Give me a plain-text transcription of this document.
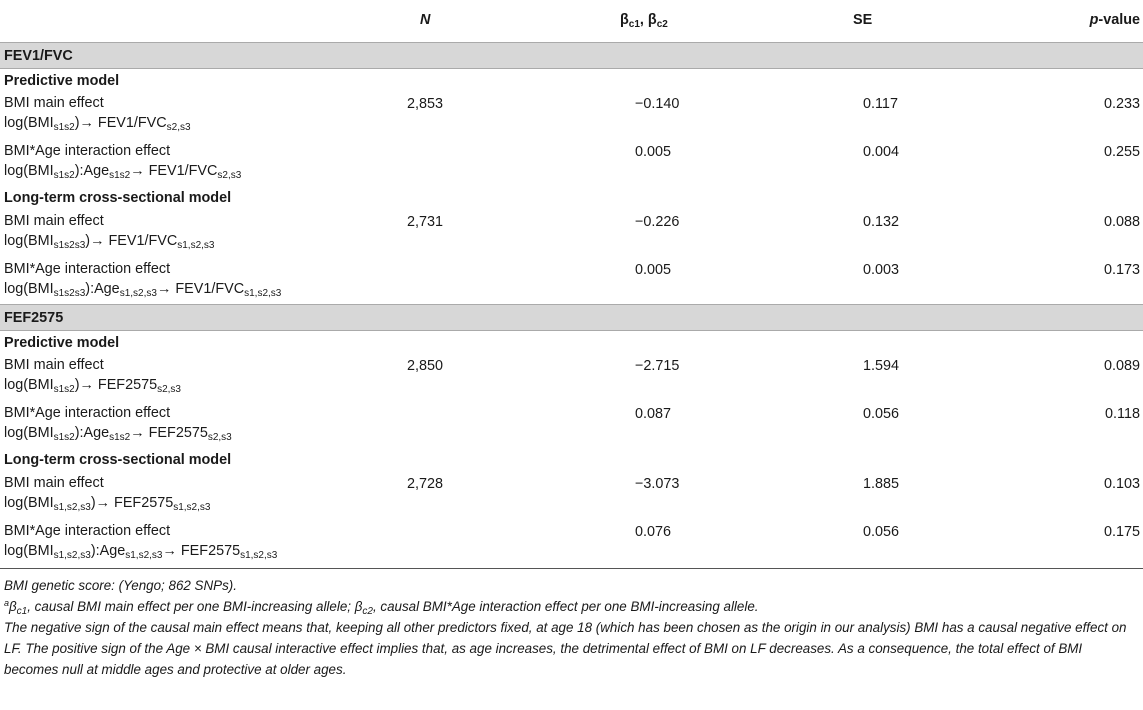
	N	$\beta_{c1}$, $\beta_{c2}$	SE	p-value
FEV1/FVC				
Predictive model				

BMI main effect
$\log(BMI_{s1s2})\to FEV1/FVC_{s2,s3}$	2,853	−0.140	0.117	0.233

BMI*Age interaction effect
$\log(BMI_{s1s2}):Age_{s1s2}\to FEV1/FVC_{s2,s3}$		0.005	0.004	0.255
Long-term cross-sectional model				

BMI main effect
$\log(BMI_{s1s2s3})\to FEV1/FVC_{s1,s2,s3}$	2,731	−0.226	0.132	0.088

BMI*Age interaction effect
$\log(BMI_{s1s2s3}):Age_{s1,s2,s3}\to FEV1/FVC_{s1,s2,s3}$		0.005	0.003	0.173
FEF2575				
Predictive model				

BMI main effect
$\log(BMI_{s1s2})\to FEF2575_{s2,s3}$	2,850	−2.715	1.594	0.089

BMI*Age interaction effect
$\log(BMI_{s1s2}):Age_{s1s2}\to FEF2575_{s2,s3}$		0.087	0.056	0.118
Long-term cross-sectional model				

BMI main effect
$\log(BMI_{s1,s2,s3})\to FEF2575_{s1,s2,s3}$	2,728	−3.073	1.885	0.103

BMI*Age interaction effect
$\log(BMI_{s1,s2,s3}):Age_{s1,s2,s3}\to FEF2575_{s1,s2,s3}$		0.076	0.056	0.175

BMI genetic score: (Yengo; 862 SNPs).

$^a\beta_{c1}$, causal BMI main effect per one BMI-increasing allele; $\beta_{c2}$, causal BMI*Age interaction effect per one BMI-increasing allele.

The negative sign of the causal main effect means that, keeping all other predictors fixed, at age 18 (which has been chosen as the origin in our analysis) BMI has a causal negative effect on LF. The positive sign of the Age × BMI causal interactive effect implies that, as age increases, the detrimental effect of BMI on LF decreases. As a consequence, the total effect of BMI becomes null at middle ages and protective at older ages.
